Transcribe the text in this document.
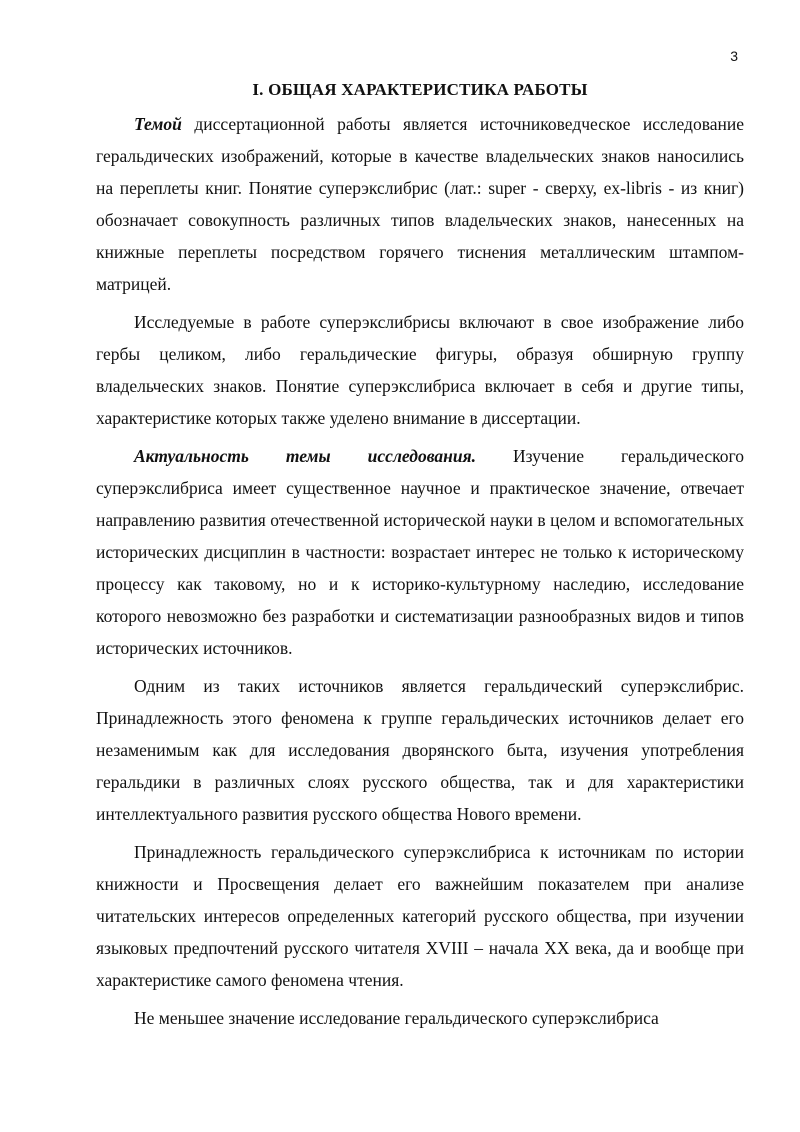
3
I. ОБЩАЯ ХАРАКТЕРИСТИКА РАБОТЫ

Темой диссертационной работы является источниковедческое исследование геральдических изображений, которые в качестве владельческих знаков наносились на переплеты книг. Понятие суперэкслибрис (лат.: super - сверху, ex-libris - из книг) обозначает совокупность различных типов владельческих знаков, нанесенных на книжные переплеты посредством горячего тиснения металлическим штампом-матрицей.

Исследуемые в работе суперэкслибрисы включают в свое изображение либо гербы целиком, либо геральдические фигуры, образуя обширную группу владельческих знаков. Понятие суперэкслибриса включает в себя и другие типы, характеристике которых также уделено внимание в диссертации.

Актуальность темы исследования. Изучение геральдического суперэкслибриса имеет существенное научное и практическое значение, отвечает направлению развития отечественной исторической науки в целом и вспомогательных исторических дисциплин в частности: возрастает интерес не только к историческому процессу как таковому, но и к историко-культурному наследию, исследование которого невозможно без разработки и систематизации разнообразных видов и типов исторических источников.

Одним из таких источников является геральдический суперэкслибрис. Принадлежность этого феномена к группе геральдических источников делает его незаменимым как для исследования дворянского быта, изучения употребления геральдики в различных слоях русского общества, так и для характеристики интеллектуального развития русского общества Нового времени.

Принадлежность геральдического суперэкслибриса к источникам по истории книжности и Просвещения делает его важнейшим показателем при анализе читательских интересов определенных категорий русского общества, при изучении языковых предпочтений русского читателя XVIII – начала XX века, да и вообще при характеристике самого феномена чтения.

Не меньшее значение исследование геральдического суперэкслибриса
